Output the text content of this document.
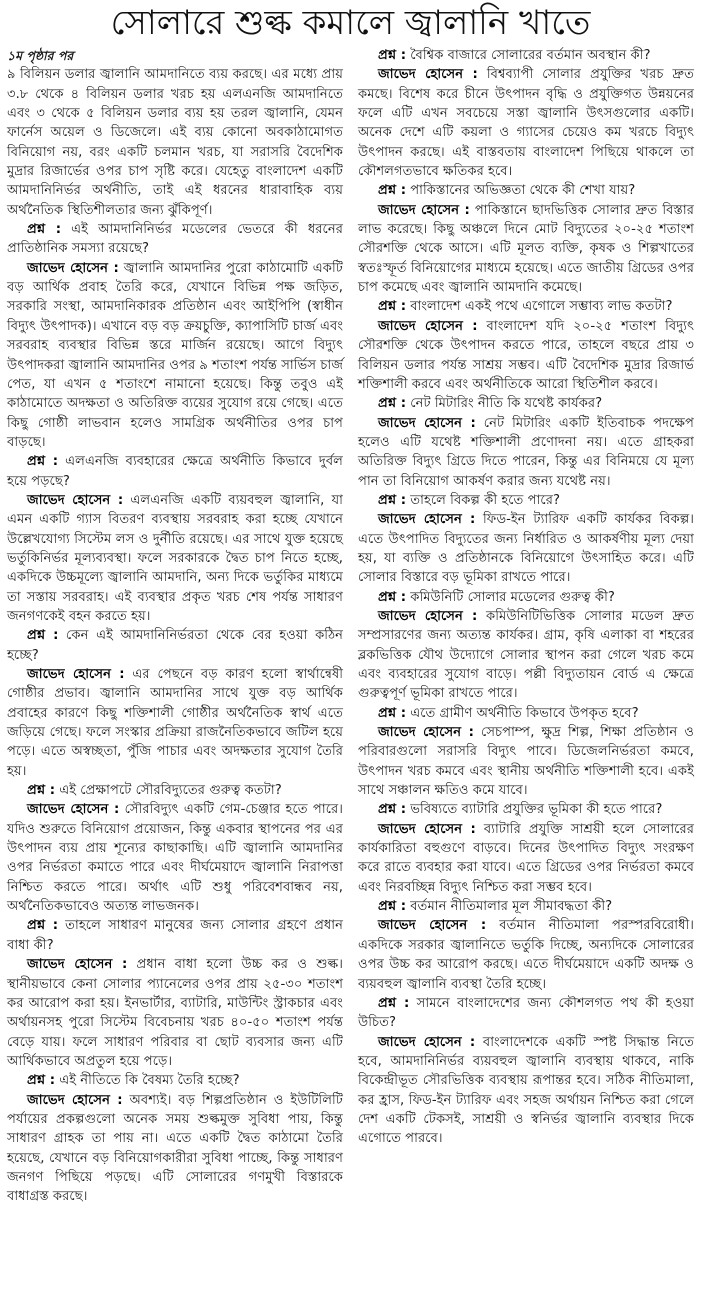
সোলারে শুল্ক কমালে জ্বালানি খাতে
১ম পৃষ্ঠার পর

৯ বিলিয়ন ডলার জ্বালানি আমদানিতে ব্যয় করছে। এর মধ্যে প্রায় ৩.৮ থেকে ৪ বিলিয়ন ডলার খরচ হয় এলএনজি আমদানিতে এবং ৩ থেকে ৫ বিলিয়ন ডলার ব্যয় হয় তরল জ্বালানি, যেমন ফার্নেস অয়েল ও ডিজেলে। এই ব্যয় কোনো অবকাঠামোগত বিনিয়োগ নয়, বরং একটি চলমান খরচ, যা সরাসরি বৈদেশিক মুদ্রার রিজার্ভের ওপর চাপ সৃষ্টি করে। যেহেতু বাংলাদেশ একটি আমদানিনির্ভর অর্থনীতি, তাই এই ধরনের ধারাবাহিক ব্যয় অর্থনৈতিক স্থিতিশীলতার জন্য ঝুঁকিপূর্ণ।

প্রশ্ন : এই আমদানিনির্ভর মডেলের ভেতরে কী ধরনের প্রাতিষ্ঠানিক সমস্যা রয়েছে?

জাভেদ হোসেন : জ্বালানি আমদানির পুরো কাঠামোটি একটি বড় আর্থিক প্রবাহ তৈরি করে, যেখানে বিভিন্ন পক্ষ জড়িত, সরকারি সংস্থা, আমদানিকারক প্রতিষ্ঠান এবং আইপিপি (স্বাধীন বিদ্যুৎ উৎপাদক)। এখানে বড় বড় ক্রয়চুক্তি, ক্যাপাসিটি চার্জ এবং সরবরাহ ব্যবস্থার বিভিন্ন স্তরে মার্জিন রয়েছে। আগে বিদ্যুৎ উৎপাদকরা জ্বালানি আমদানির ওপর ৯ শতাংশ পর্যন্ত সার্ভিস চার্জ পেত, যা এখন ৫ শতাংশে নামানো হয়েছে। কিন্তু তবুও এই কাঠামোতে অদক্ষতা ও অতিরিক্ত ব্যয়ের সুযোগ রয়ে গেছে। এতে কিছু গোষ্ঠী লাভবান হলেও সামগ্রিক অর্থনীতির ওপর চাপ বাড়ছে।

প্রশ্ন : এলএনজি ব্যবহারের ক্ষেত্রে অর্থনীতি কিভাবে দুর্বল হয়ে পড়ছে?

জাভেদ হোসেন : এলএনজি একটি ব্যয়বহুল জ্বালানি, যা এমন একটি গ্যাস বিতরণ ব্যবস্থায় সরবরাহ করা হচ্ছে যেখানে উল্লেখযোগ্য সিস্টেম লস ও দুর্নীতি রয়েছে। এর সাথে যুক্ত হয়েছে ভর্তুকিনির্ভর মূল্যব্যবস্থা। ফলে সরকারকে দ্বৈত চাপ নিতে হচ্ছে, একদিকে উচ্চমূল্যে জ্বালানি আমদানি, অন্য দিকে ভর্তুকির মাধ্যমে তা সস্তায় সরবরাহ। এই ব্যবস্থার প্রকৃত খরচ শেষ পর্যন্ত সাধারণ জনগণকেই বহন করতে হয়।

প্রশ্ন : কেন এই আমদানিনির্ভরতা থেকে বের হওয়া কঠিন হচ্ছে?

জাভেদ হোসেন : এর পেছনে বড় কারণ হলো স্বার্থান্বেষী গোষ্ঠীর প্রভাব। জ্বালানি আমদানির সাথে যুক্ত বড় আর্থিক প্রবাহের কারণে কিছু শক্তিশালী গোষ্ঠীর অর্থনৈতিক স্বার্থ এতে জড়িয়ে গেছে। ফলে সংস্কার প্রক্রিয়া রাজনৈতিকভাবে জটিল হয়ে পড়ে। এতে অস্বচ্ছতা, পুঁজি পাচার এবং অদক্ষতার সুযোগ তৈরি হয়।

প্রশ্ন : এই প্রেক্ষাপটে সৌরবিদ্যুতের গুরুত্ব কতটা?

জাভেদ হোসেন : সৌরবিদ্যুৎ একটি গেম-চেঞ্জার হতে পারে। যদিও শুরুতে বিনিয়োগ প্রয়োজন, কিন্তু একবার স্থাপনের পর এর উৎপাদন ব্যয় প্রায় শূন্যের কাছাকাছি। এটি জ্বালানি আমদানির ওপর নির্ভরতা কমাতে পারে এবং দীর্ঘমেয়াদে জ্বালানি নিরাপত্তা নিশ্চিত করতে পারে। অর্থাৎ এটি শুধু পরিবেশবান্ধব নয়, অর্থনৈতিকভাবেও অত্যন্ত লাভজনক।

প্রশ্ন : তাহলে সাধারণ মানুষের জন্য সোলার গ্রহণে প্রধান বাধা কী?

জাভেদ হোসেন : প্রধান বাধা হলো উচ্চ কর ও শুল্ক। স্থানীয়ভাবে কেনা সোলার প্যানেলের ওপর প্রায় ২৫-৩০ শতাংশ কর আরোপ করা হয়। ইনভার্টার, ব্যাটারি, মাউন্টিং স্ট্রাকচার এবং অর্থায়নসহ পুরো সিস্টেম বিবেচনায় খরচ ৪০-৫০ শতাংশ পর্যন্ত বেড়ে যায়। ফলে সাধারণ পরিবার বা ছোট ব্যবসার জন্য এটি আর্থিকভাবে অপ্রতুল হয়ে পড়ে।

প্রশ্ন : এই নীতিতে কি বৈষম্য তৈরি হচ্ছে?

জাভেদ হোসেন : অবশ্যই। বড় শিল্পপ্রতিষ্ঠান ও ইউটিলিটি পর্যায়ের প্রকল্পগুলো অনেক সময় শুল্কমুক্ত সুবিধা পায়, কিন্তু সাধারণ গ্রাহক তা পায় না। এতে একটি দ্বৈত কাঠামো তৈরি হয়েছে, যেখানে বড় বিনিয়োগকারীরা সুবিধা পাচ্ছে, কিন্তু সাধারণ জনগণ পিছিয়ে পড়ছে। এটি সোলারের গণমুখী বিস্তারকে বাধাগ্রস্ত করছে।

প্রশ্ন : বৈশ্বিক বাজারে সোলারের বর্তমান অবস্থান কী?

জাভেদ হোসেন : বিশ্বব্যাপী সোলার প্রযুক্তির খরচ দ্রুত কমছে। বিশেষ করে চীনে উৎপাদন বৃদ্ধি ও প্রযুক্তিগত উন্নয়নের ফলে এটি এখন সবচেয়ে সস্তা জ্বালানি উৎসগুলোর একটি। অনেক দেশে এটি কয়লা ও গ্যাসের চেয়েও কম খরচে বিদ্যুৎ উৎপাদন করছে। এই বাস্তবতায় বাংলাদেশ পিছিয়ে থাকলে তা কৌশলগতভাবে ক্ষতিকর হবে।

প্রশ্ন : পাকিস্তানের অভিজ্ঞতা থেকে কী শেখা যায়?

জাভেদ হোসেন : পাকিস্তানে ছাদভিত্তিক সোলার দ্রুত বিস্তার লাভ করেছে। কিছু অঞ্চলে দিনে মোট বিদ্যুতের ২০-২৫ শতাংশ সৌরশক্তি থেকে আসে। এটি মূলত ব্যক্তি, কৃষক ও শিল্পখাতের স্বতঃস্ফূর্ত বিনিয়োগের মাধ্যমে হয়েছে। এতে জাতীয় গ্রিডের ওপর চাপ কমেছে এবং জ্বালানি আমদানি কমেছে।

প্রশ্ন : বাংলাদেশ একই পথে এগোলে সম্ভাব্য লাভ কতটা?

জাভেদ হোসেন : বাংলাদেশ যদি ২০-২৫ শতাংশ বিদ্যুৎ সৌরশক্তি থেকে উৎপাদন করতে পারে, তাহলে বছরে প্রায় ৩ বিলিয়ন ডলার পর্যন্ত সাশ্রয় সম্ভব। এটি বৈদেশিক মুদ্রার রিজার্ভ শক্তিশালী করবে এবং অর্থনীতিকে আরো স্থিতিশীল করবে।

প্রশ্ন : নেট মিটারিং নীতি কি যথেষ্ট কার্যকর?

জাভেদ হোসেন : নেট মিটারিং একটি ইতিবাচক পদক্ষেপ হলেও এটি যথেষ্ট শক্তিশালী প্রণোদনা নয়। এতে গ্রাহকরা অতিরিক্ত বিদ্যুৎ গ্রিডে দিতে পারেন, কিন্তু এর বিনিময়ে যে মূল্য পান তা বিনিয়োগ আকর্ষণ করার জন্য যথেষ্ট নয়।

প্রশ্ন : তাহলে বিকল্প কী হতে পারে?

জাভেদ হোসেন : ফিড-ইন ট্যারিফ একটি কার্যকর বিকল্প। এতে উৎপাদিত বিদ্যুতের জন্য নির্ধারিত ও আকর্ষণীয় মূল্য দেয়া হয়, যা ব্যক্তি ও প্রতিষ্ঠানকে বিনিয়োগে উৎসাহিত করে। এটি সোলার বিস্তারে বড় ভূমিকা রাখতে পারে।

প্রশ্ন : কমিউনিটি সোলার মডেলের গুরুত্ব কী?

জাভেদ হোসেন : কমিউনিটিভিত্তিক সোলার মডেল দ্রুত সম্প্রসারণের জন্য অত্যন্ত কার্যকর। গ্রাম, কৃষি এলাকা বা শহরের ব্লকভিত্তিক যৌথ উদ্যোগে সোলার স্থাপন করা গেলে খরচ কমে এবং ব্যবহারের সুযোগ বাড়ে। পল্লী বিদ্যুতায়ন বোর্ড এ ক্ষেত্রে গুরুত্বপূর্ণ ভূমিকা রাখতে পারে।

প্রশ্ন : এতে গ্রামীণ অর্থনীতি কিভাবে উপকৃত হবে?

জাভেদ হোসেন : সেচপাম্প, ক্ষুদ্র শিল্প, শিক্ষা প্রতিষ্ঠান ও পরিবারগুলো সরাসরি বিদ্যুৎ পাবে। ডিজেলনির্ভরতা কমবে, উৎপাদন খরচ কমবে এবং স্থানীয় অর্থনীতি শক্তিশালী হবে। একই সাথে সঞ্চালন ক্ষতিও কমে যাবে।

প্রশ্ন : ভবিষ্যতে ব্যাটারি প্রযুক্তির ভূমিকা কী হতে পারে?

জাভেদ হোসেন : ব্যাটারি প্রযুক্তি সাশ্রয়ী হলে সোলারের কার্যকারিতা বহুগুণে বাড়বে। দিনের উৎপাদিত বিদ্যুৎ সংরক্ষণ করে রাতে ব্যবহার করা যাবে। এতে গ্রিডের ওপর নির্ভরতা কমবে এবং নিরবচ্ছিন্ন বিদ্যুৎ নিশ্চিত করা সম্ভব হবে।

প্রশ্ন : বর্তমান নীতিমালার মূল সীমাবদ্ধতা কী?

জাভেদ হোসেন : বর্তমান নীতিমালা পরস্পরবিরোধী। একদিকে সরকার জ্বালানিতে ভর্তুকি দিচ্ছে, অন্যদিকে সোলারের ওপর উচ্চ কর আরোপ করছে। এতে দীর্ঘমেয়াদে একটি অদক্ষ ও ব্যয়বহুল জ্বালানি ব্যবস্থা তৈরি হচ্ছে।

প্রশ্ন : সামনে বাংলাদেশের জন্য কৌশলগত পথ কী হওয়া উচিত?

জাভেদ হোসেন : বাংলাদেশকে একটি স্পষ্ট সিদ্ধান্ত নিতে হবে, আমদানিনির্ভর ব্যয়বহুল জ্বালানি ব্যবস্থায় থাকবে, নাকি বিকেন্দ্রীভূত সৌরভিত্তিক ব্যবস্থায় রূপান্তর হবে। সঠিক নীতিমালা, কর হ্রাস, ফিড-ইন ট্যারিফ এবং সহজ অর্থায়ন নিশ্চিত করা গেলে দেশ একটি টেকসই, সাশ্রয়ী ও স্বনির্ভর জ্বালানি ব্যবস্থার দিকে এগোতে পারবে।
